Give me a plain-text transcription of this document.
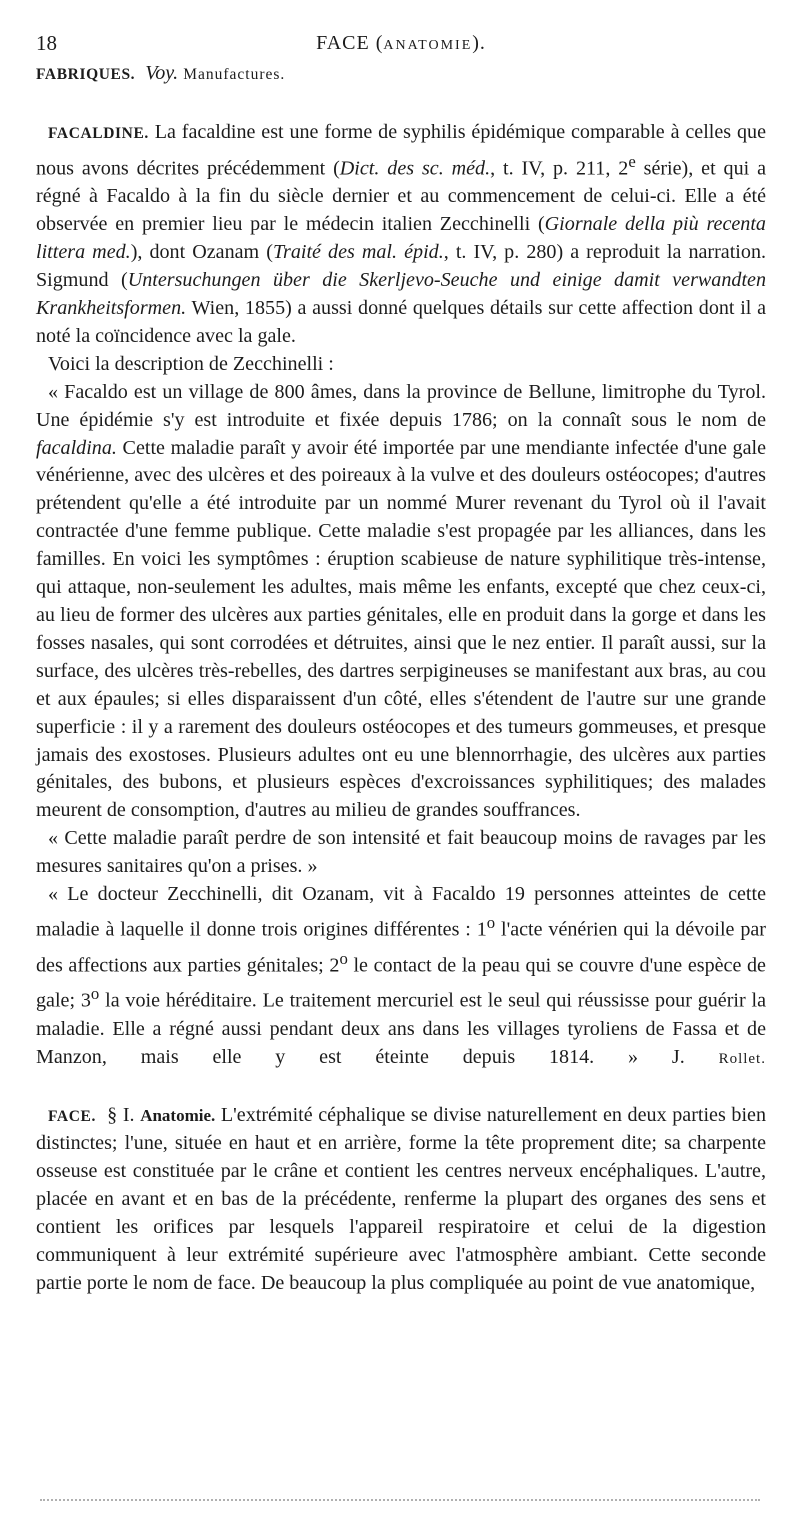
18	FACE (ANATOMIE).

FABRIQUES. Voy. Manufactures.

FACALDINE. La facaldine est une forme de syphilis épidémique comparable à celles que nous avons décrites précédemment (Dict. des sc. méd., t. IV, p. 211, 2e série), et qui a régné à Facaldo à la fin du siècle dernier et au commencement de celui-ci. Elle a été observée en premier lieu par le médecin italien Zecchinelli (Giornale della più recenta littera med.), dont Ozanam (Traité des mal. épid., t. IV, p. 280) a reproduit la narration. Sigmund (Untersuchungen über die Skerljevo-Seuche und einige damit verwandten Krankheitsformen. Wien, 1855) a aussi donné quelques détails sur cette affection dont il a noté la coïncidence avec la gale.

Voici la description de Zecchinelli :

« Facaldo est un village de 800 âmes, dans la province de Bellune, limitrophe du Tyrol. Une épidémie s'y est introduite et fixée depuis 1786; on la connaît sous le nom de facaldina. Cette maladie paraît y avoir été importée par une mendiante infectée d'une gale vénérienne, avec des ulcères et des poireaux à la vulve et des douleurs ostéocopes; d'autres prétendent qu'elle a été introduite par un nommé Murer revenant du Tyrol où il l'avait contractée d'une femme publique. Cette maladie s'est propagée par les alliances, dans les familles. En voici les symptômes : éruption scabieuse de nature syphilitique très-intense, qui attaque, non-seulement les adultes, mais même les enfants, excepté que chez ceux-ci, au lieu de former des ulcères aux parties génitales, elle en produit dans la gorge et dans les fosses nasales, qui sont corrodées et détruites, ainsi que le nez entier. Il paraît aussi, sur la surface, des ulcères très-rebelles, des dartres serpigineuses se manifestant aux bras, au cou et aux épaules; si elles disparaissent d'un côté, elles s'étendent de l'autre sur une grande superficie : il y a rarement des douleurs ostéocopes et des tumeurs gommeuses, et presque jamais des exostoses. Plusieurs adultes ont eu une blennorrhagie, des ulcères aux parties génitales, des bubons, et plusieurs espèces d'excroissances syphilitiques; des malades meurent de consomption, d'autres au milieu de grandes souffrances.

« Cette maladie paraît perdre de son intensité et fait beaucoup moins de ravages par les mesures sanitaires qu'on a prises. »

« Le docteur Zecchinelli, dit Ozanam, vit à Facaldo 19 personnes atteintes de cette maladie à laquelle il donne trois origines différentes : 1$^o$ l'acte vénérien qui la dévoile par des affections aux parties génitales; 2$^o$ le contact de la peau qui se couvre d'une espèce de gale; 3$^o$ la voie héréditaire. Le traitement mercuriel est le seul qui réussisse pour guérir la maladie. Elle a régné aussi pendant deux ans dans les villages tyroliens de Fassa et de Manzon, mais elle y est éteinte depuis 1814. » J. Rollet.

FACE. § I. Anatomie. L'extrémité céphalique se divise naturellement en deux parties bien distinctes; l'une, située en haut et en arrière, forme la tête proprement dite; sa charpente osseuse est constituée par le crâne et contient les centres nerveux encéphaliques. L'autre, placée en avant et en bas de la précédente, renferme la plupart des organes des sens et contient les orifices par lesquels l'appareil respiratoire et celui de la digestion communiquent à leur extrémité supérieure avec l'atmosphère ambiant. Cette seconde partie porte le nom de face. De beaucoup la plus compliquée au point de vue anatomique,
